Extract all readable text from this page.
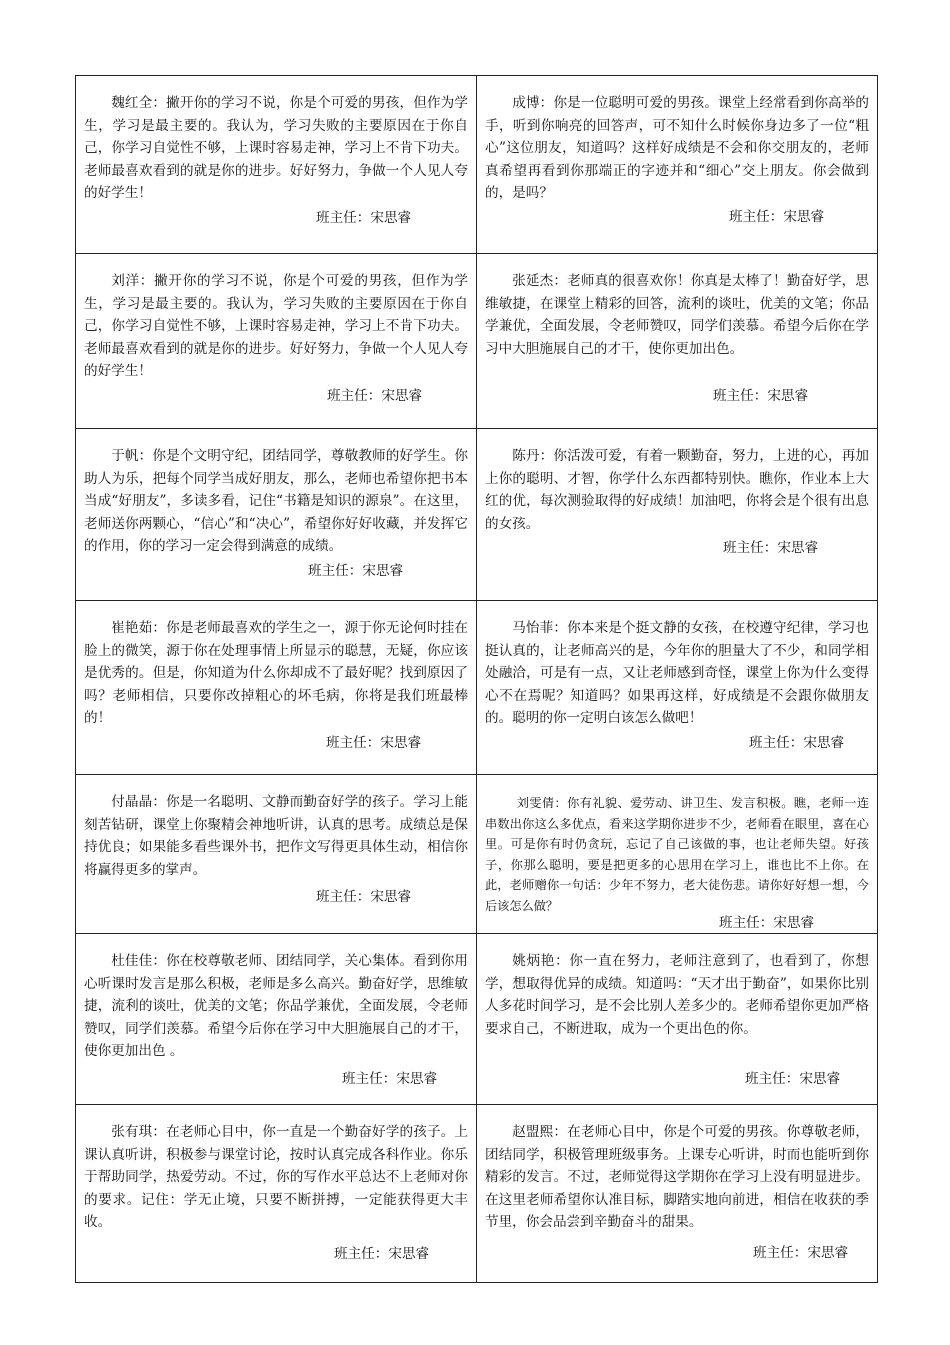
魏红全：撇开你的学习不说，你是个可爱的男孩，但作为学生，学习是最主要的。我认为，学习失败的主要原因在于你自己，你学习自觉性不够，上课时容易走神，学习上不肯下功夫。 老师最喜欢看到的就是你的进步。好好努力，争做一个人见人夸的好学生！

班主任：宋思睿

成博：你是一位聪明可爱的男孩。课堂上经常看到你高举的手，听到你响亮的回答声，可不知什么时候你身边多了一位“粗心”这位朋友，知道吗？这样好成绩是不会和你交朋友的，老师真希望再看到你那端正的字迹并和“细心”交上朋友。你会做到的，是吗？

班主任：宋思睿

刘洋：撇开你的学习不说，你是个可爱的男孩，但作为学生，学习是最主要的。我认为，学习失败的主要原因在于你自己，你学习自觉性不够，上课时容易走神，学习上不肯下功夫。 老师最喜欢看到的就是你的进步。好好努力，争做一个人见人夸的好学生！

班主任：宋思睿

张延杰：老师真的很喜欢你！你真是太棒了！勤奋好学，思维敏捷，在课堂上精彩的回答，流利的谈吐，优美的文笔；你品学兼优，全面发展，令老师赞叹，同学们羡慕。希望今后你在学习中大胆施展自己的才干，使你更加出色。

班主任：宋思睿

于帆：你是个文明守纪，团结同学，尊敬教师的好学生。你助人为乐，把每个同学当成好朋友，那么，老师也希望你把书本当成“好朋友”，多读多看，记住“书籍是知识的源泉”。在这里，老师送你两颗心，“信心”和“决心”，希望你好好收藏，并发挥它的作用，你的学习一定会得到满意的成绩。

班主任：宋思睿

陈丹：你活泼可爱，有着一颗勤奋，努力，上进的心，再加上你的聪明、才智，你学什么东西都特别快。瞧你，作业本上大红的优，每次测验取得的好成绩！加油吧，你将会是个很有出息的女孩。

班主任：宋思睿

崔艳茹：你是老师最喜欢的学生之一，源于你无论何时挂在脸上的微笑，源于你在处理事情上所显示的聪慧，无疑，你应该是优秀的。但是，你知道为什么你却成不了最好呢？找到原因了吗？老师相信，只要你改掉粗心的坏毛病，你将是我们班最棒的！

班主任：宋思睿

马怡菲：你本来是个挺文静的女孩，在校遵守纪律，学习也挺认真的，让老师高兴的是，今年你的胆量大了不少，和同学相处融洽，可是有一点，又让老师感到奇怪，课堂上你为什么变得心不在焉呢？知道吗？如果再这样，好成绩是不会跟你做朋友的。聪明的你一定明白该怎么做吧！

班主任：宋思睿

付晶晶：你是一名聪明、文静而勤奋好学的孩子。学习上能刻苦钻研，课堂上你聚精会神地听讲，认真的思考。成绩总是保持优良；如果能多看些课外书，把作文写得更具体生动，相信你将赢得更多的掌声。

班主任：宋思睿

刘雯倩：你有礼貌、爱劳动、讲卫生、发言积极。瞧，老师一连串数出你这么多优点，看来这学期你进步不少，老师看在眼里，喜在心里。可是你有时仍贪玩，忘记了自己该做的事，也让老师失望。好孩子，你那么聪明，要是把更多的心思用在学习上，谁也比不上你。在此，老师赠你一句话：少年不努力，老大徒伤悲。请你好好想一想，今后该怎么做？

班主任：宋思睿

杜佳佳：你在校尊敬老师、团结同学，关心集体。看到你用心听课时发言是那么积极，老师是多么高兴。勤奋好学，思维敏捷，流利的谈吐，优美的文笔；你品学兼优，全面发展，令老师赞叹，同学们羡慕。希望今后你在学习中大胆施展自己的才干，使你更加出色 。

班主任：宋思睿

姚炳艳：你一直在努力，老师注意到了，也看到了，你想学，想取得优异的成绩。知道吗：“天才出于勤奋”，如果你比别人多花时间学习，是不会比别人差多少的。老师希望你更加严格要求自己，不断进取，成为一个更出色的你。

班主任：宋思睿

张有琪：在老师心目中，你一直是一个勤奋好学的孩子。上课认真听讲，积极参与课堂讨论，按时认真完成各科作业。你乐于帮助同学，热爱劳动。不过，你的写作水平总达不上老师对你的要求。记住：学无止境，只要不断拼搏，一定能获得更大丰收。

班主任：宋思睿

赵盟熙：在老师心目中，你是个可爱的男孩。你尊敬老师，团结同学，积极管理班级事务。上课专心听讲，时而也能听到你精彩的发言。不过，老师觉得这学期你在学习上没有明显进步。在这里老师希望你认准目标，脚踏实地向前进，相信在收获的季节里，你会品尝到辛勤奋斗的甜果。

班主任：宋思睿
